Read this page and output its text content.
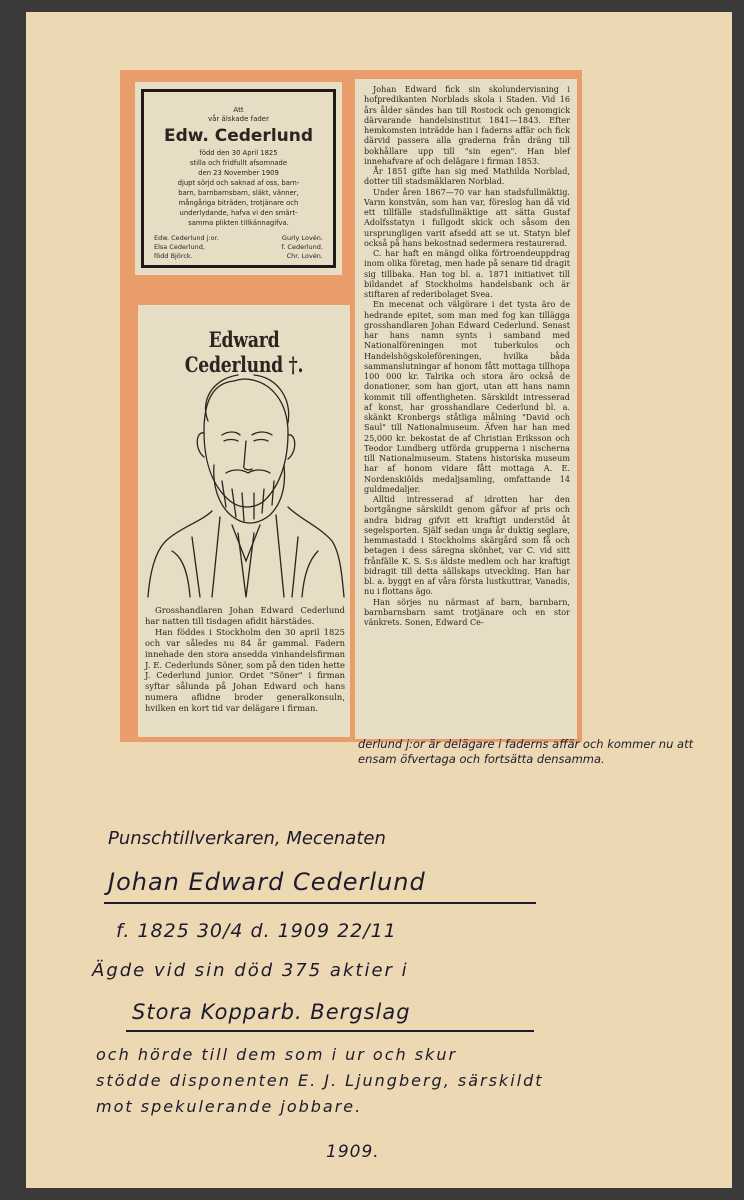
Att
vår älskade fader
Edw. Cederlund
född den 30 April 1825
stilla och fridfullt afsomnade
den 23 November 1909
djupt sörjd och saknad af oss, barn-
barn, barnbarnsbarn, släkt, vänner,
mångåriga biträden, trotjänare och
underlydande, hafva vi den smärt-
samma plikten tillkännagifva.
Edw. Cederlund j:or.
Elsa Cederlund,
född Björck.
Gurly Lovén.
f. Cederlund.
Chr. Lovén.
Edward Cederlund †.

Grosshandlaren Johan Edward Cederlund har natten till tisdagen afidit härstädes.

Han föddes i Stockholm den 30 april 1825 och var således nu 84 år gammal. Fadern innehade den stora ansedda vinhandelsfirman J. E. Cederlunds Söner, som på den tiden hette J. Cederlund junior. Ordet "Söner" i firman syftar sålunda på Johan Edward och hans numera aflidne broder generalkonsuln, hvilken en kort tid var delägare i firman.

Johan Edward fick sin skolundervisning i hofpredikanten Norblads skola i Staden. Vid 16 års ålder sändes han till Rostock och genomgick därvarande handelsinstitut 1841—1843. Efter hemkomsten inträdde han i faderns affär och fick därvid passera alla graderna från dräng till bokhållare upp till "sin egen". Han blef innehafvare af och delägare i firman 1853.

År 1851 gifte han sig med Mathilda Norblad, dotter till stadsmäklaren Norblad.

Under åren 1867—70 var han stadsfullmäktig. Varm konstvän, som han var, föreslog han då vid ett tillfälle stadsfullmäktige att sätta Gustaf Adolfsstatyn i fullgodt skick och såsom den ursprungligen varit afsedd att se ut. Statyn blef också på hans bekostnad sedermera restaurerad.

C. har haft en mängd olika förtroendeuppdrag inom olika företag, men hade på senare tid dragit sig tillbaka. Han tog bl. a. 1871 initiativet till bildandet af Stockholms handelsbank och är stiftaren af rederibolaget Svea.

En mecenat och välgörare i det tysta äro de hedrande epitet, som man med fog kan tillägga grosshandlaren Johan Edward Cederlund. Senast har hans namn synts i samband med Nationalföreningen mot tuberkulos och Handelshögskoleföreningen, hvilka båda sammanslutningar af honom fått mottaga tillhopa 100 000 kr. Talrika och stora äro också de donationer, som han gjort, utan att hans namn kommit till offentligheten. Särskildt intresserad af konst, har grosshandlare Cederlund bl. a. skänkt Kronbergs ståtliga målning "David och Saul" till Nationalmuseum. Äfven har han med 25,000 kr. bekostat de af Christian Eriksson och Teodor Lundberg utförda grupperna i nischerna till Nationalmuseum. Statens historiska museum har af honom vidare fått mottaga A. E. Nordenskiölds medaljsamling, omfattande 14 guldmedaljer.

Alltid intresserad af idrotten har den bortgångne särskildt genom gåfvor af pris och andra bidrag gifvit ett kraftigt understöd åt segelsporten. Själf sedan unga år duktig seglare, hemmastadd i Stockholms skärgård som få och betagen i dess säregna skönhet, var C. vid sitt frånfälle K. S. S:s äldste medlem och har kraftigt bidragit till detta sällskaps utveckling. Han har bl. a. byggt en af våra första lustkuttrar, Vanadis, nu i flottans ägo.

Han sörjes nu närmast af barn, barnbarn, barnbarnsbarn samt trotjänare och en stor vänkrets. Sonen, Edward Ce-

derlund j:or är delägare i faderns affär och kommer nu att ensam öfvertaga och fortsätta densamma.
Punschtillverkaren, Mecenaten
Johan Edward Cederlund
f. 1825 30/4 d. 1909 22/11
Ägde vid sin död 375 aktier i
Stora Kopparb. Bergslag
och hörde till dem som i ur och skur
stödde disponenten E. J. Ljungberg, särskildt
mot spekulerande jobbare.
1909.
